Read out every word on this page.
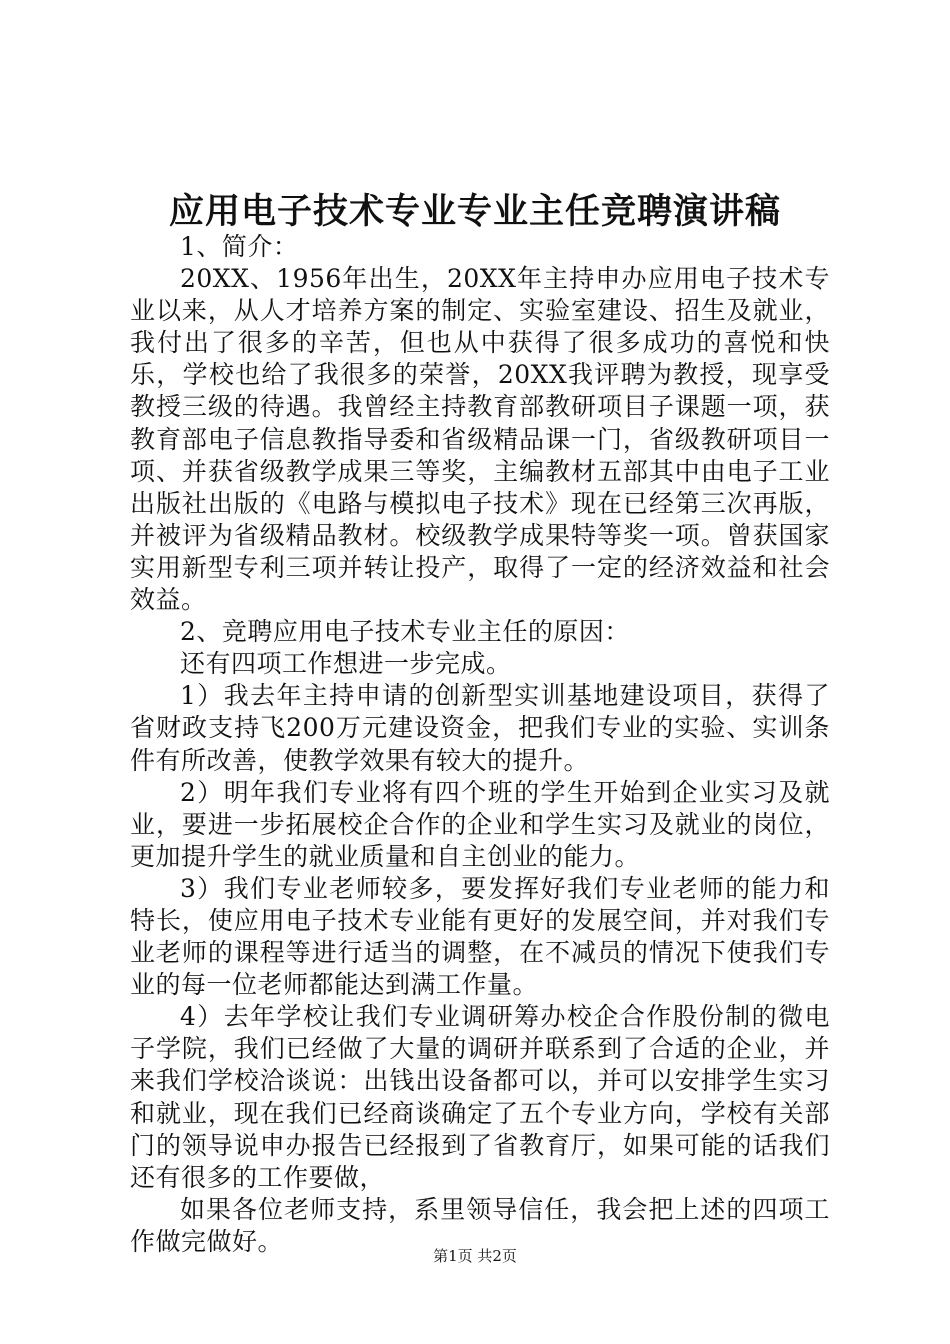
应用电子技术专业专业主任竞聘演讲稿

1、简介：

20XX、1956年出生，20XX年主持申办应用电子技术专业以来，从人才培养方案的制定、实验室建设、招生及就业，我付出了很多的辛苦，但也从中获得了很多成功的喜悦和快乐，学校也给了我很多的荣誉，20XX我评聘为教授，现享受教授三级的待遇。我曾经主持教育部教研项目子课题一项，获教育部电子信息教指导委和省级精品课一门，省级教研项目一项、并获省级教学成果三等奖，主编教材五部其中由电子工业出版社出版的《电路与模拟电子技术》现在已经第三次再版，并被评为省级精品教材。校级教学成果特等奖一项。曾获国家实用新型专利三项并转让投产，取得了一定的经济效益和社会效益。

2、竞聘应用电子技术专业主任的原因：

还有四项工作想进一步完成。

1）我去年主持申请的创新型实训基地建设项目，获得了省财政支持飞200万元建设资金，把我们专业的实验、实训条件有所改善，使教学效果有较大的提升。

2）明年我们专业将有四个班的学生开始到企业实习及就业，要进一步拓展校企合作的企业和学生实习及就业的岗位，更加提升学生的就业质量和自主创业的能力。

3）我们专业老师较多，要发挥好我们专业老师的能力和特长，使应用电子技术专业能有更好的发展空间，并对我们专业老师的课程等进行适当的调整，在不减员的情况下使我们专业的每一位老师都能达到满工作量。

4）去年学校让我们专业调研筹办校企合作股份制的微电子学院，我们已经做了大量的调研并联系到了合适的企业，并来我们学校洽谈说：出钱出设备都可以，并可以安排学生实习和就业，现在我们已经商谈确定了五个专业方向，学校有关部门的领导说申办报告已经报到了省教育厅，如果可能的话我们还有很多的工作要做，

如果各位老师支持，系里领导信任，我会把上述的四项工作做完做好。

第1页 共2页
